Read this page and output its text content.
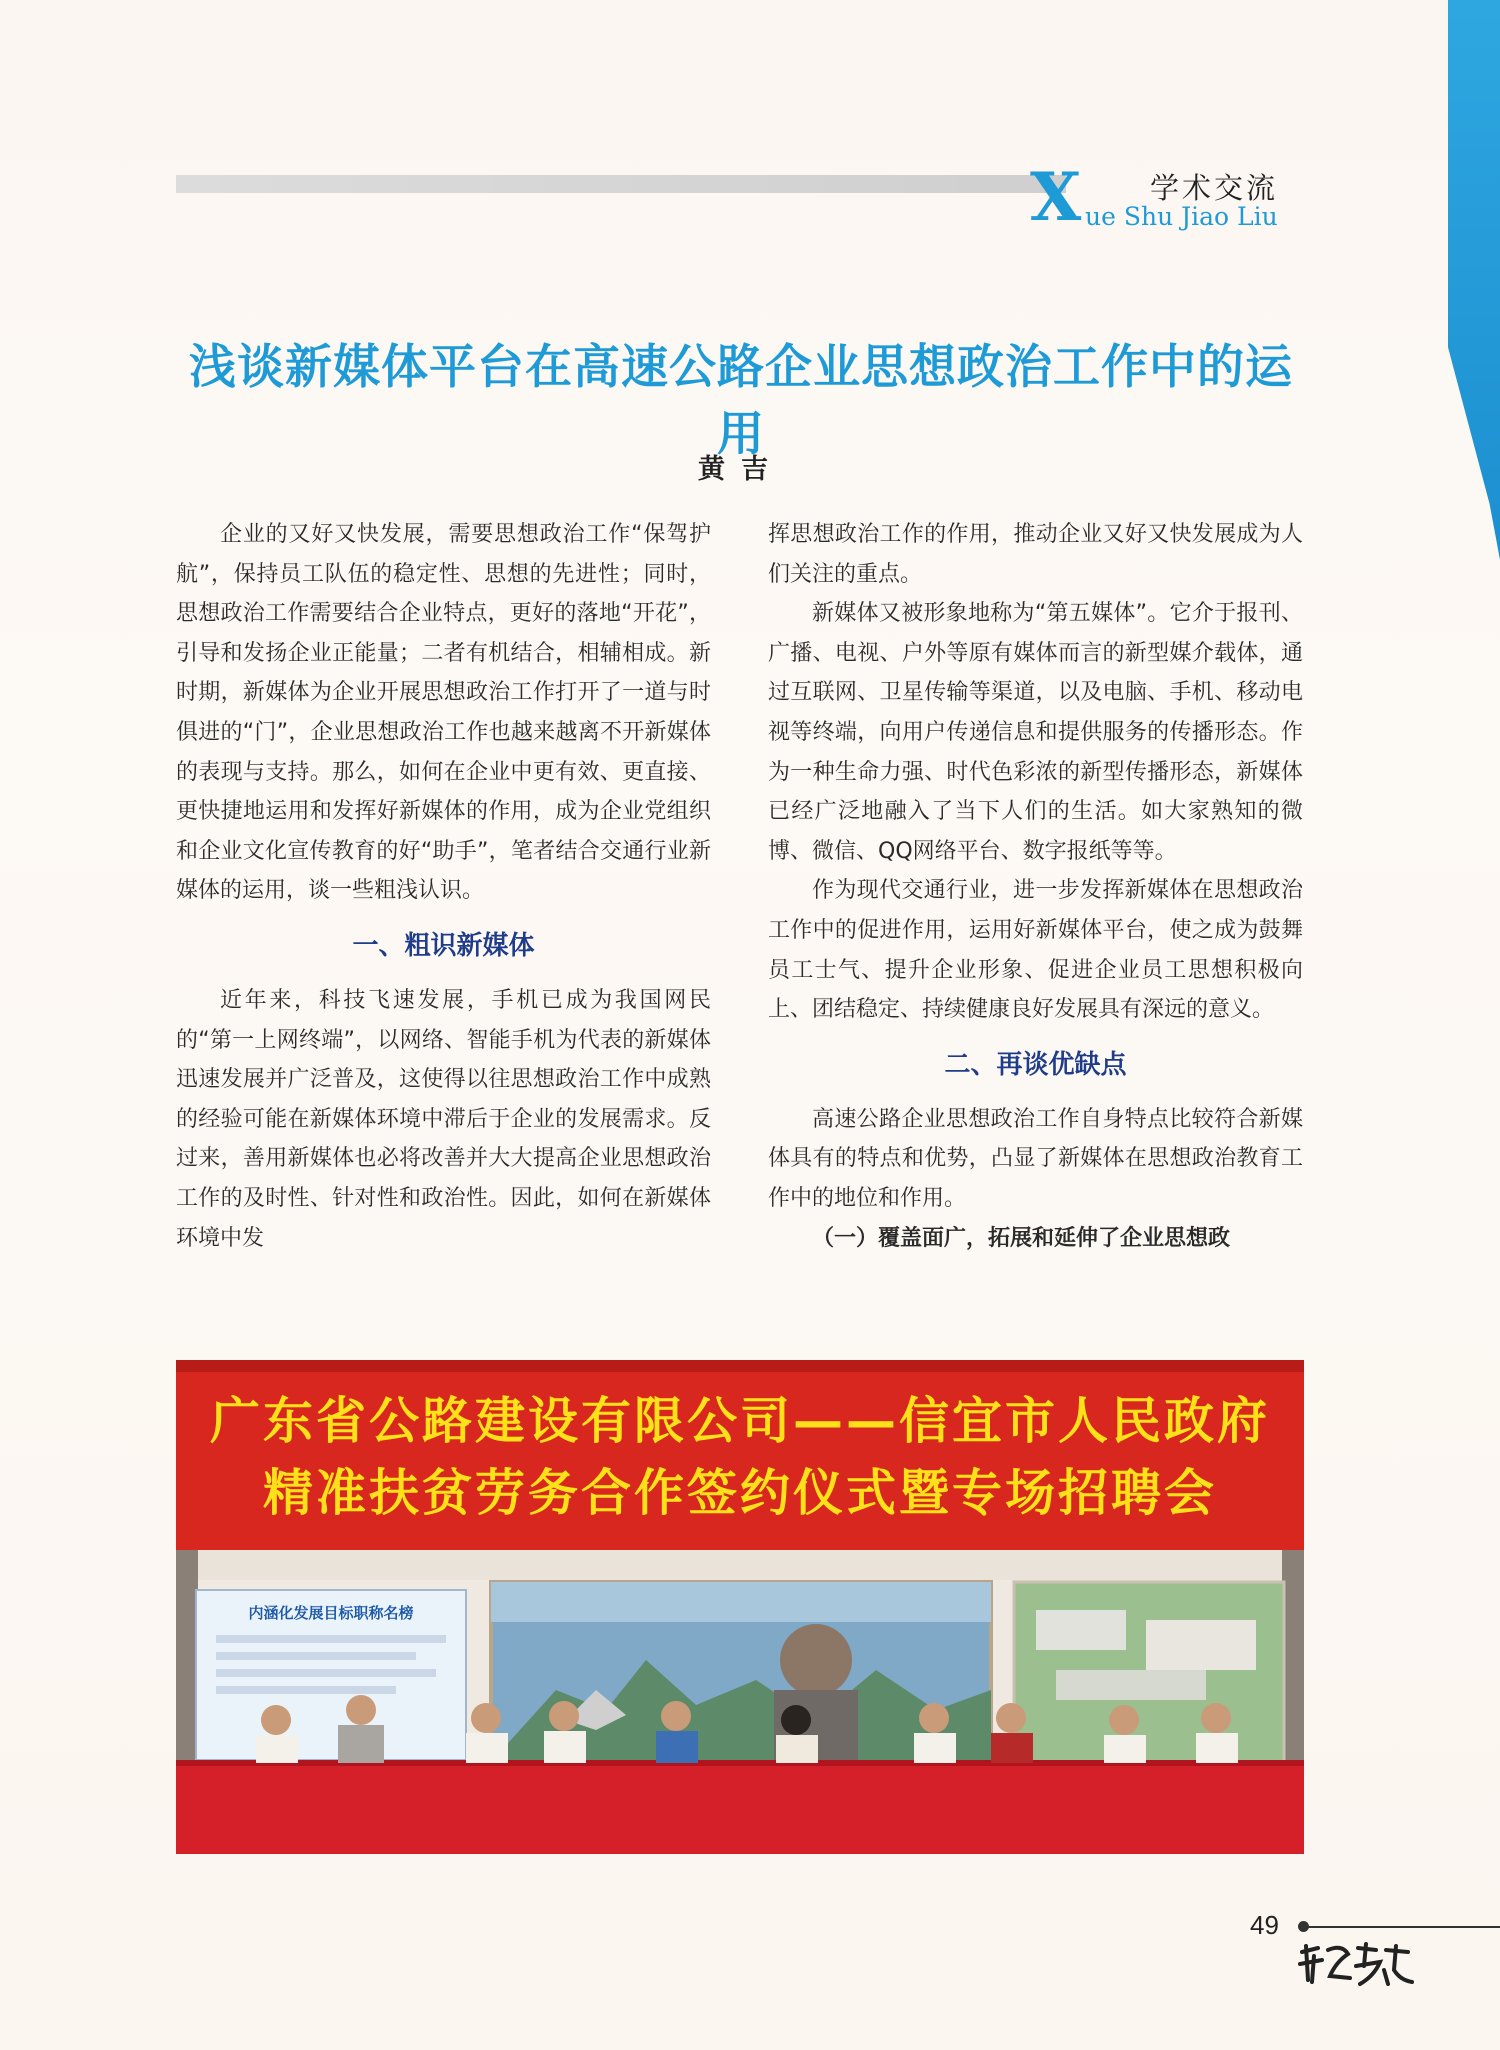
X 学术交流
ue Shu Jiao Liu
浅谈新媒体平台在高速公路企业思想政治工作中的运用
黄吉

企业的又好又快发展，需要思想政治工作“保驾护航”，保持员工队伍的稳定性、思想的先进性；同时，思想政治工作需要结合企业特点，更好的落地“开花”，引导和发扬企业正能量；二者有机结合，相辅相成。新时期，新媒体为企业开展思想政治工作打开了一道与时俱进的“门”，企业思想政治工作也越来越离不开新媒体的表现与支持。那么，如何在企业中更有效、更直接、更快捷地运用和发挥好新媒体的作用，成为企业党组织和企业文化宣传教育的好“助手”，笔者结合交通行业新媒体的运用，谈一些粗浅认识。

一、粗识新媒体

近年来，科技飞速发展，手机已成为我国网民的“第一上网终端”，以网络、智能手机为代表的新媒体迅速发展并广泛普及，这使得以往思想政治工作中成熟的经验可能在新媒体环境中滞后于企业的发展需求。反过来，善用新媒体也必将改善并大大提高企业思想政治工作的及时性、针对性和政治性。因此，如何在新媒体环境中发

挥思想政治工作的作用，推动企业又好又快发展成为人们关注的重点。

新媒体又被形象地称为“第五媒体”。它介于报刊、广播、电视、户外等原有媒体而言的新型媒介载体，通过互联网、卫星传输等渠道，以及电脑、手机、移动电视等终端，向用户传递信息和提供服务的传播形态。作为一种生命力强、时代色彩浓的新型传播形态，新媒体已经广泛地融入了当下人们的生活。如大家熟知的微博、微信、QQ网络平台、数字报纸等等。

作为现代交通行业，进一步发挥新媒体在思想政治工作中的促进作用，运用好新媒体平台，使之成为鼓舞员工士气、提升企业形象、促进企业员工思想积极向上、团结稳定、持续健康良好发展具有深远的意义。

二、再谈优缺点

高速公路企业思想政治工作自身特点比较符合新媒体具有的特点和优势，凸显了新媒体在思想政治教育工作中的地位和作用。

（一）覆盖面广，拓展和延伸了企业思想政

广东省公路建设有限公司——信宜市人民政府
精准扶贫劳务合作签约仪式暨专场招聘会
内涵化发展目标职称名榜
49
